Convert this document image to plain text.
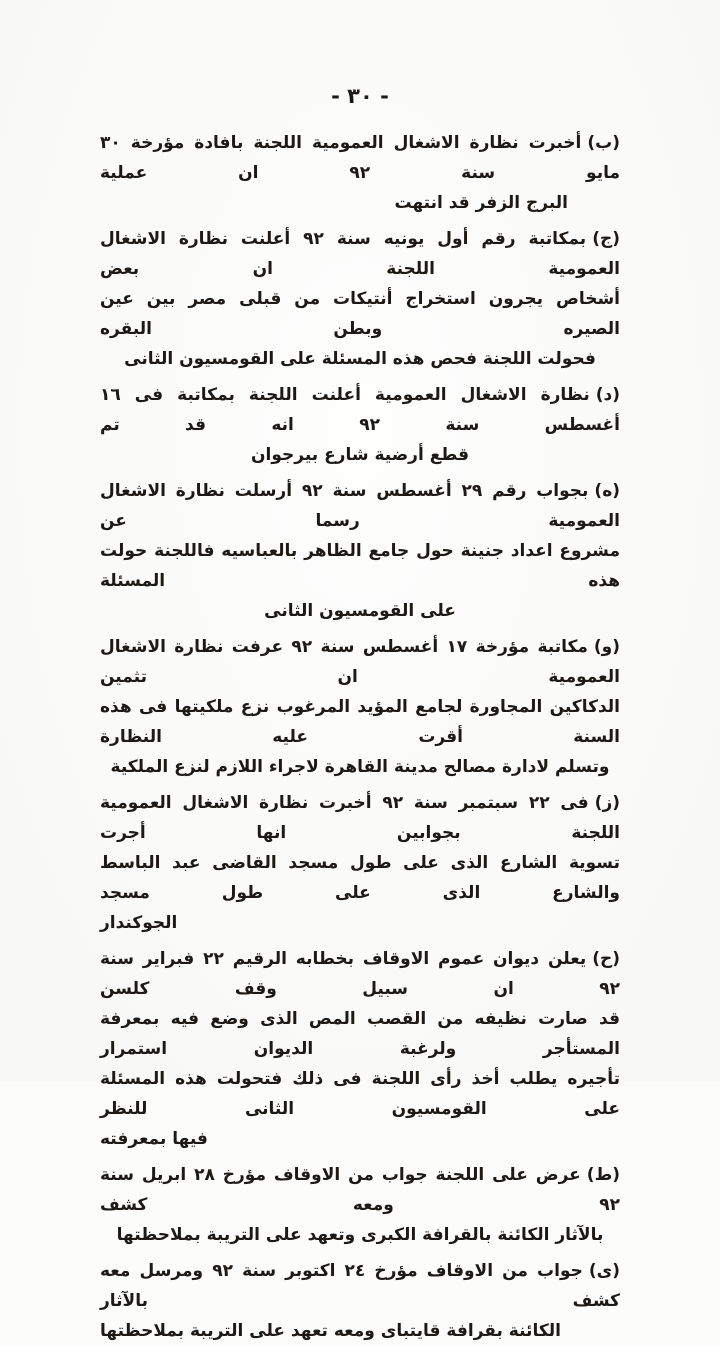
- ٣٠ -
(ب)أخبرت نظارة الاشغال العمومية اللجنة بافادة مؤرخة ٣٠ مايو سنة ٩٢ ان عملية
البرج الزفر قد انتهت
(ج)بمكاتبة رقم أول يونيه سنة ٩٢ أعلنت نظارة الاشغال العمومية اللجنة ان بعض
أشخاص يجرون استخراج أنتيكات من قبلى مصر بين عين الصيره وبطن البقره
فحولت اللجنة فحص هذه المسئلة على القومسيون الثانى
(د)نظارة الاشغال العمومية أعلنت اللجنة بمكاتبة فى ١٦ أغسطس سنة ٩٢ انه قد تم
قطع أرضية شارع بيرجوان
(ه)بجواب رقم ٢٩ أغسطس سنة ٩٢ أرسلت نظارة الاشغال العمومية رسما عن
مشروع اعداد جنينة حول جامع الظاهر بالعباسيه فاللجنة حولت هذه المسئلة
على القومسيون الثانى
(و)مكاتبة مؤرخة ١٧ أغسطس سنة ٩٢ عرفت نظارة الاشغال العمومية ان تثمين
الدكاكين المجاورة لجامع المؤيد المرغوب نزع ملكيتها فى هذه السنة أقرت عليه النظارة
وتسلم لادارة مصالح مدينة القاهرة لاجراء اللازم لنزع الملكية
(ز)فى ٢٢ سبتمبر سنة ٩٢ أخبرت نظارة الاشغال العمومية اللجنة بجوابين انها أجرت
تسوية الشارع الذى على طول مسجد القاضى عبد الباسط والشارع الذى على طول مسجد
الجوكندار
(ح)يعلن ديوان عموم الاوقاف بخطابه الرقيم ٢٢ فبراير سنة ٩٢ ان سبيل وقف كلسن
قد صارت نظيفه من القصب المص الذى وضع فيه بمعرفة المستأجر ولرغبة الديوان استمرار
تأجيره يطلب أخذ رأى اللجنة فى ذلك فتحولت هذه المسئلة على القومسيون الثانى للنظر
فيها بمعرفته
(ط)عرض على اللجنة جواب من الاوقاف مؤرخ ٢٨ ابريل سنة ٩٢ ومعه كشف
بالآثار الكائنة بالقرافة الكبرى وتعهد على التريبة بملاحظتها
(ى)جواب من الاوقاف مؤرخ ٢٤ اكتوبر سنة ٩٢ ومرسل معه كشف بالآثار
الكائنة بقرافة قايتباى ومعه تعهد على التريبة بملاحظتها
